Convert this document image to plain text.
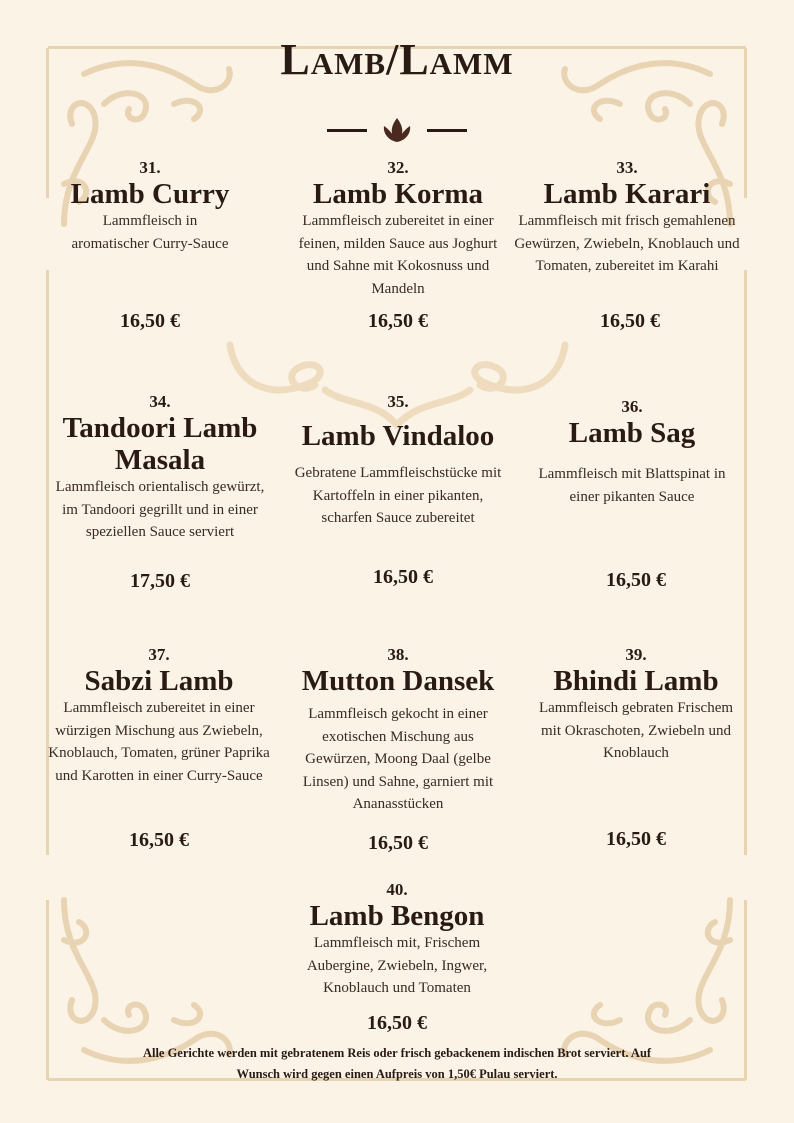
Lamb/Lamm
31.
Lamb Curry
Lammfleisch in aromatischer Curry-Sauce
16,50 €
32.
Lamb Korma
Lammfleisch zubereitet in einer feinen, milden Sauce aus Joghurt und Sahne mit Kokosnuss und Mandeln
16,50 €
33.
Lamb Karari
Lammfleisch mit frisch gemahlenen Gewürzen, Zwiebeln, Knoblauch und Tomaten, zubereitet im Karahi
16,50 €
34.
Tandoori Lamb Masala
Lammfleisch orientalisch gewürzt, im Tandoori gegrillt und in einer speziellen Sauce serviert
17,50 €
35.
Lamb Vindaloo
Gebratene Lammfleischstücke mit Kartoffeln in einer pikanten, scharfen Sauce zubereitet
16,50 €
36.
Lamb Sag
Lammfleisch mit Blattspinat in einer pikanten Sauce
16,50 €
37.
Sabzi Lamb
Lammfleisch zubereitet in einer würzigen Mischung aus Zwiebeln, Knoblauch, Tomaten, grüner Paprika und Karotten in einer Curry-Sauce
16,50 €
38.
Mutton Dansek
Lammfleisch gekocht in einer exotischen Mischung aus Gewürzen, Moong Daal (gelbe Linsen) und Sahne, garniert mit Ananasstücken
16,50 €
39.
Bhindi Lamb
Lammfleisch gebraten Frischem mit Okraschoten, Zwiebeln und Knoblauch
16,50 €
40.
Lamb Bengon
Lammfleisch mit, Frischem Aubergine, Zwiebeln, Ingwer, Knoblauch und Tomaten
16,50 €
Alle Gerichte werden mit gebratenem Reis oder frisch gebackenem indischen Brot serviert. Auf Wunsch wird gegen einen Aufpreis von 1,50€ Pulau serviert.
